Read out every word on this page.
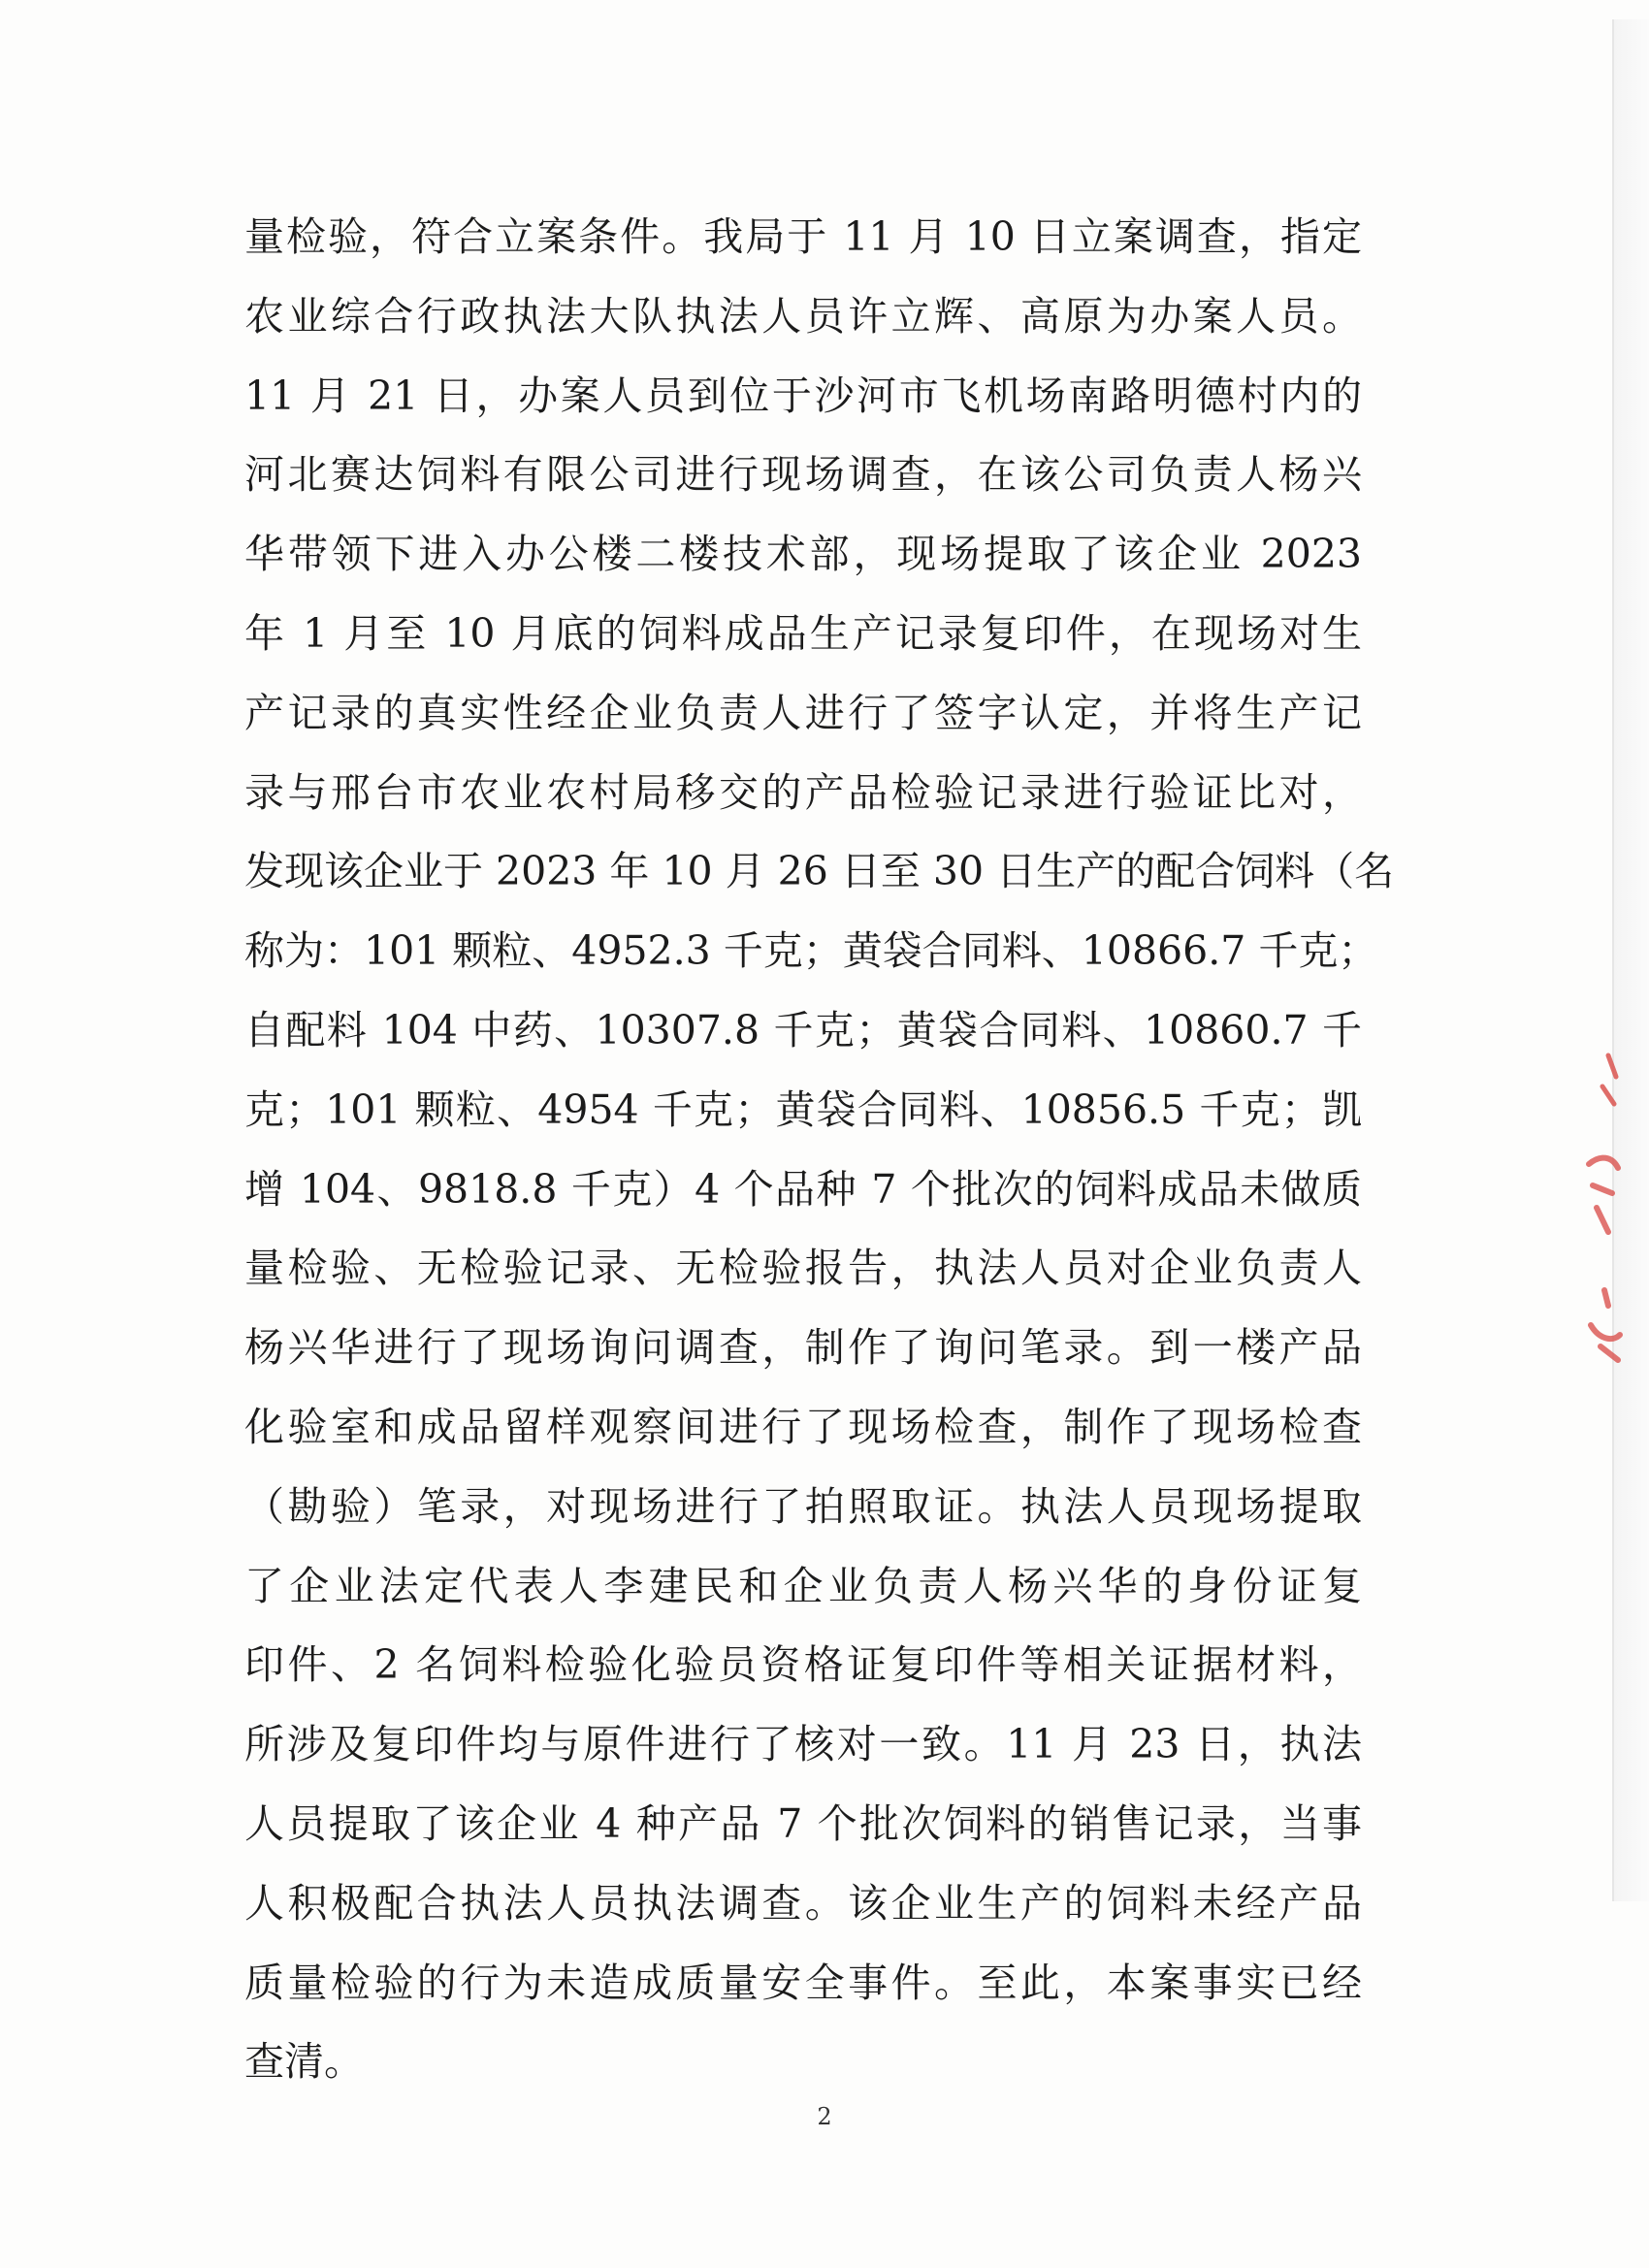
量检验，符合立案条件。我局于 11 月 10 日立案调查，指定
农业综合行政执法大队执法人员许立辉、高原为办案人员。
11 月 21 日，办案人员到位于沙河市飞机场南路明德村内的
河北赛达饲料有限公司进行现场调查，在该公司负责人杨兴
华带领下进入办公楼二楼技术部，现场提取了该企业 2023
年 1 月至 10 月底的饲料成品生产记录复印件，在现场对生
产记录的真实性经企业负责人进行了签字认定，并将生产记
录与邢台市农业农村局移交的产品检验记录进行验证比对，
发现该企业于 2023 年 10 月 26 日至 30 日生产的配合饲料（名
称为：101 颗粒、4952.3 千克；黄袋合同料、10866.7 千克；
自配料 104 中药、10307.8 千克；黄袋合同料、10860.7 千
克；101 颗粒、4954 千克；黄袋合同料、10856.5 千克；凯
增 104、9818.8 千克）4 个品种 7 个批次的饲料成品未做质
量检验、无检验记录、无检验报告，执法人员对企业负责人
杨兴华进行了现场询问调查，制作了询问笔录。到一楼产品
化验室和成品留样观察间进行了现场检查，制作了现场检查
（勘验）笔录，对现场进行了拍照取证。执法人员现场提取
了企业法定代表人李建民和企业负责人杨兴华的身份证复
印件、2 名饲料检验化验员资格证复印件等相关证据材料，
所涉及复印件均与原件进行了核对一致。11 月 23 日，执法
人员提取了该企业 4 种产品 7 个批次饲料的销售记录，当事
人积极配合执法人员执法调查。该企业生产的饲料未经产品
质量检验的行为未造成质量安全事件。至此，本案事实已经
查清。
2
